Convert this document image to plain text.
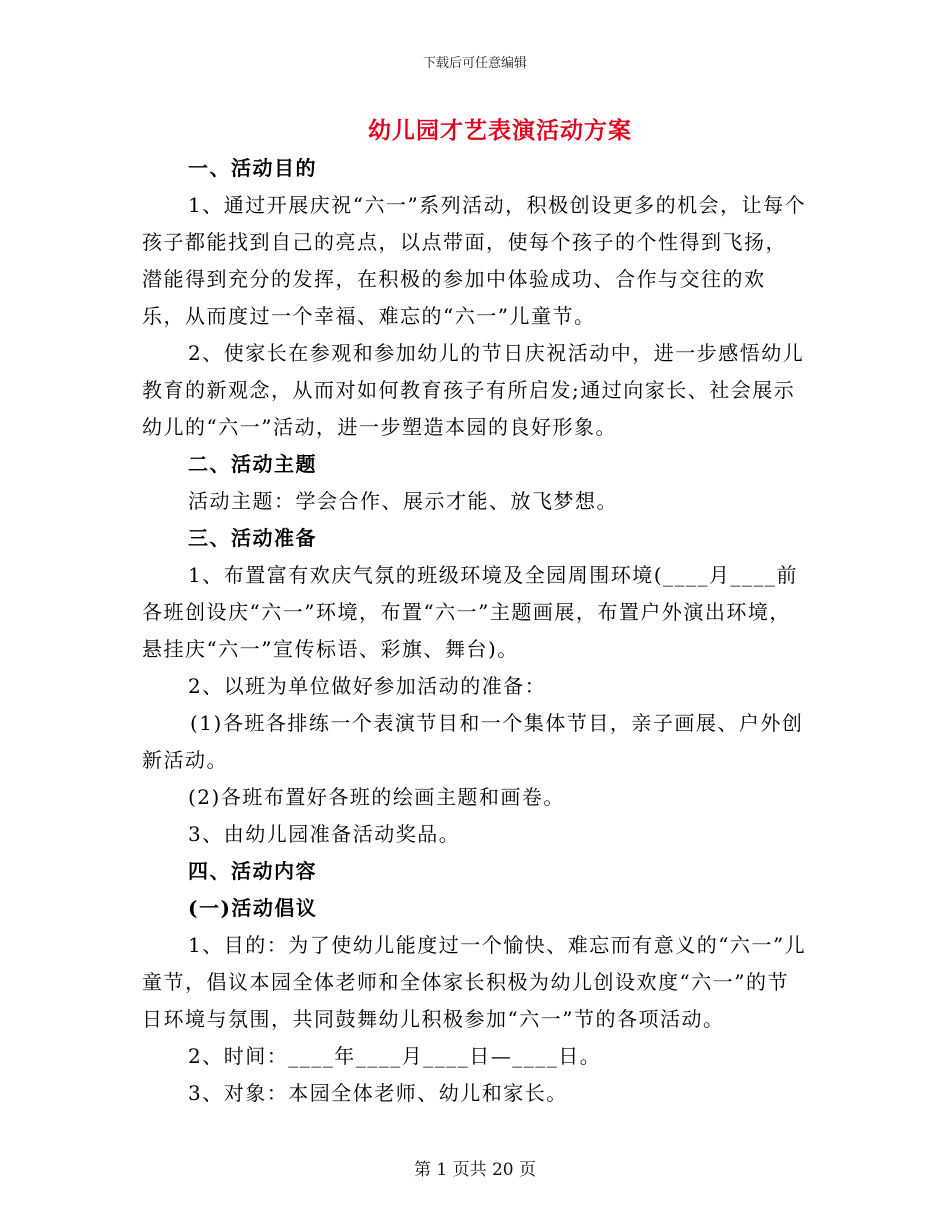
下载后可任意编辑
幼儿园才艺表演活动方案

一、活动目的

1、通过开展庆祝“六一”系列活动，积极创设更多的机会，让每个孩子都能找到自己的亮点，以点带面，使每个孩子的个性得到飞扬，潜能得到充分的发挥，在积极的参加中体验成功、合作与交往的欢乐，从而度过一个幸福、难忘的“六一”儿童节。

2、使家长在参观和参加幼儿的节日庆祝活动中，进一步感悟幼儿教育的新观念，从而对如何教育孩子有所启发;通过向家长、社会展示幼儿的“六一”活动，进一步塑造本园的良好形象。

二、活动主题

活动主题：学会合作、展示才能、放飞梦想。

三、活动准备

1、布置富有欢庆气氛的班级环境及全园周围环境(____月____前各班创设庆“六一”环境，布置“六一”主题画展，布置户外演出环境，悬挂庆“六一”宣传标语、彩旗、舞台)。

2、以班为单位做好参加活动的准备：

(1)各班各排练一个表演节目和一个集体节目，亲子画展、户外创新活动。

(2)各班布置好各班的绘画主题和画卷。

3、由幼儿园准备活动奖品。

四、活动内容

(一)活动倡议

1、目的：为了使幼儿能度过一个愉快、难忘而有意义的“六一”儿童节，倡议本园全体老师和全体家长积极为幼儿创设欢度“六一”的节日环境与氛围，共同鼓舞幼儿积极参加“六一”节的各项活动。

2、时间：____年____月____日—____日。

3、对象：本园全体老师、幼儿和家长。

第 1 页共 20 页
